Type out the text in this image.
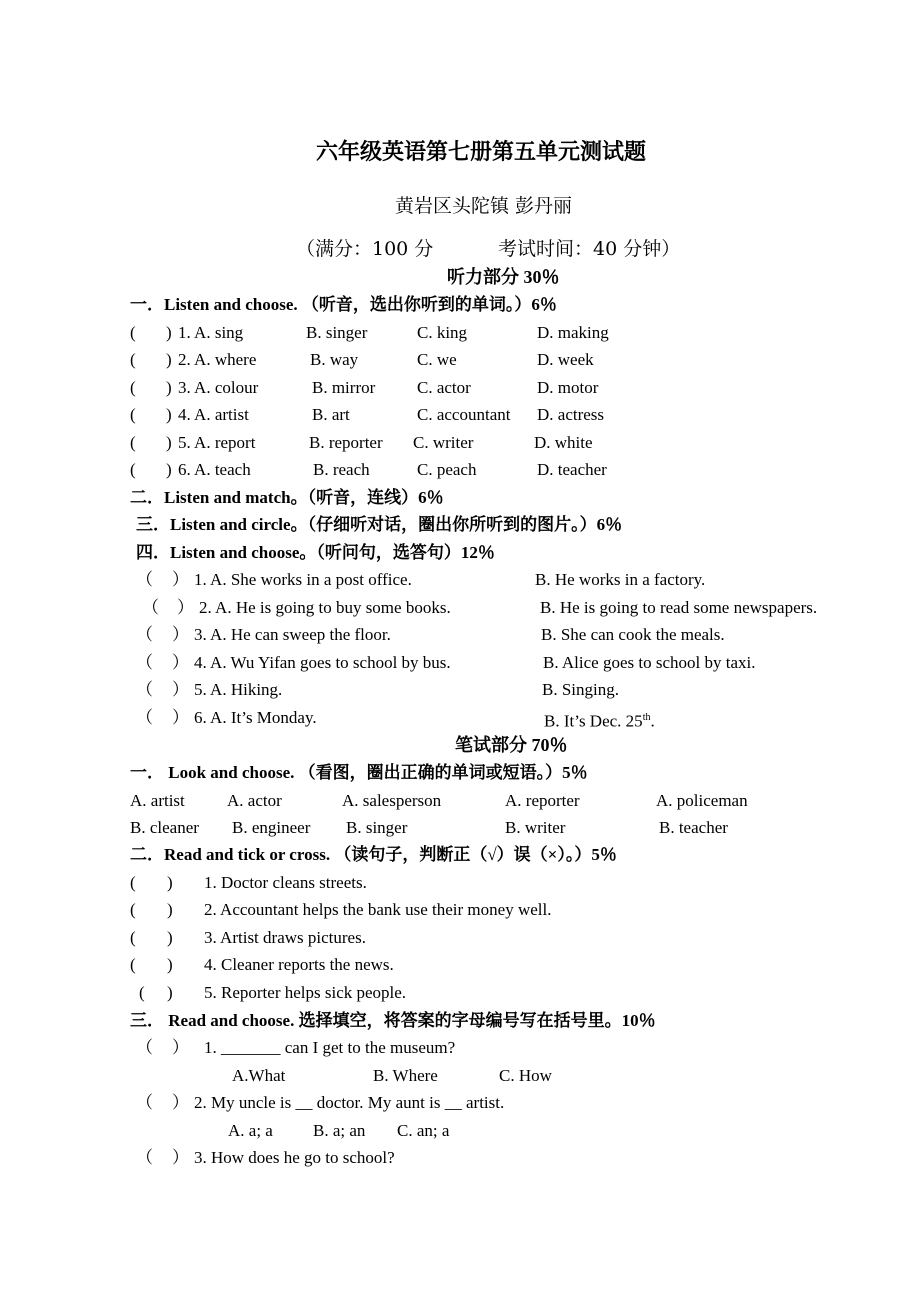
六年级英语第七册第五单元测试题
黄岩区头陀镇 彭丹丽
（满分：100 分	考试时间：40 分钟）
听力部分 30％
一．Listen and choose. （听音，选出你听到的单词。）6％
( ) 1. A. sing	B. singer	C. king	D. making
( ) 2. A. where	B. way	C. we	D. week
( ) 3. A. colour	B. mirror C. actor	D. motor
( ) 4. A. artist	B. art	C. accountant D. actress
( ) 5. A. report	B. reporter C. writer	D. white
( ) 6. A. teach	B. reach	C. peach	D. teacher
二．Listen and match。（听音，连线）6％
三．Listen and circle。（仔细听对话，圈出你所听到的图片。）6％
四．Listen and choose。（听问句，选答句）12％
（ ） 1. A. She works in a post office.	B. He works in a factory.
（ ） 2. A. He is going to buy some books.	B. He is going to read some newspapers.
（ ） 3. A. He can sweep the floor.	B. She can cook the meals.
（ ） 4. A. Wu Yifan goes to school by bus.	B. Alice goes to school by taxi.
（ ） 5. A. Hiking.	B. Singing.
（ ） 6. A. It’s Monday.	B. It’s Dec. 25th.
笔试部分 70％
一． Look and choose. （看图，圈出正确的单词或短语。）5％
A. artist A. actor	A. salesperson	A. reporter	A. policeman
B. cleaner B. engineer B. singer	B. writer	B. teacher
二．Read and tick or cross. （读句子，判断正（√）误（×）。）5％
( ) 1. Doctor cleans streets.
( ) 2. Accountant helps the bank use their money well.
( ) 3. Artist draws pictures.
( ) 4. Cleaner reports the news.
( ) 5. Reporter helps sick people.
三． Read and choose. 选择填空，将答案的字母编号写在括号里。10％
（ ） 1. _______ can I get to the museum?
A.What	B. Where	C. How
（ ） 2. My uncle is __ doctor. My aunt is __ artist.
A. a; a B. a; an C. an; a
（ ） 3. How does he go to school?
